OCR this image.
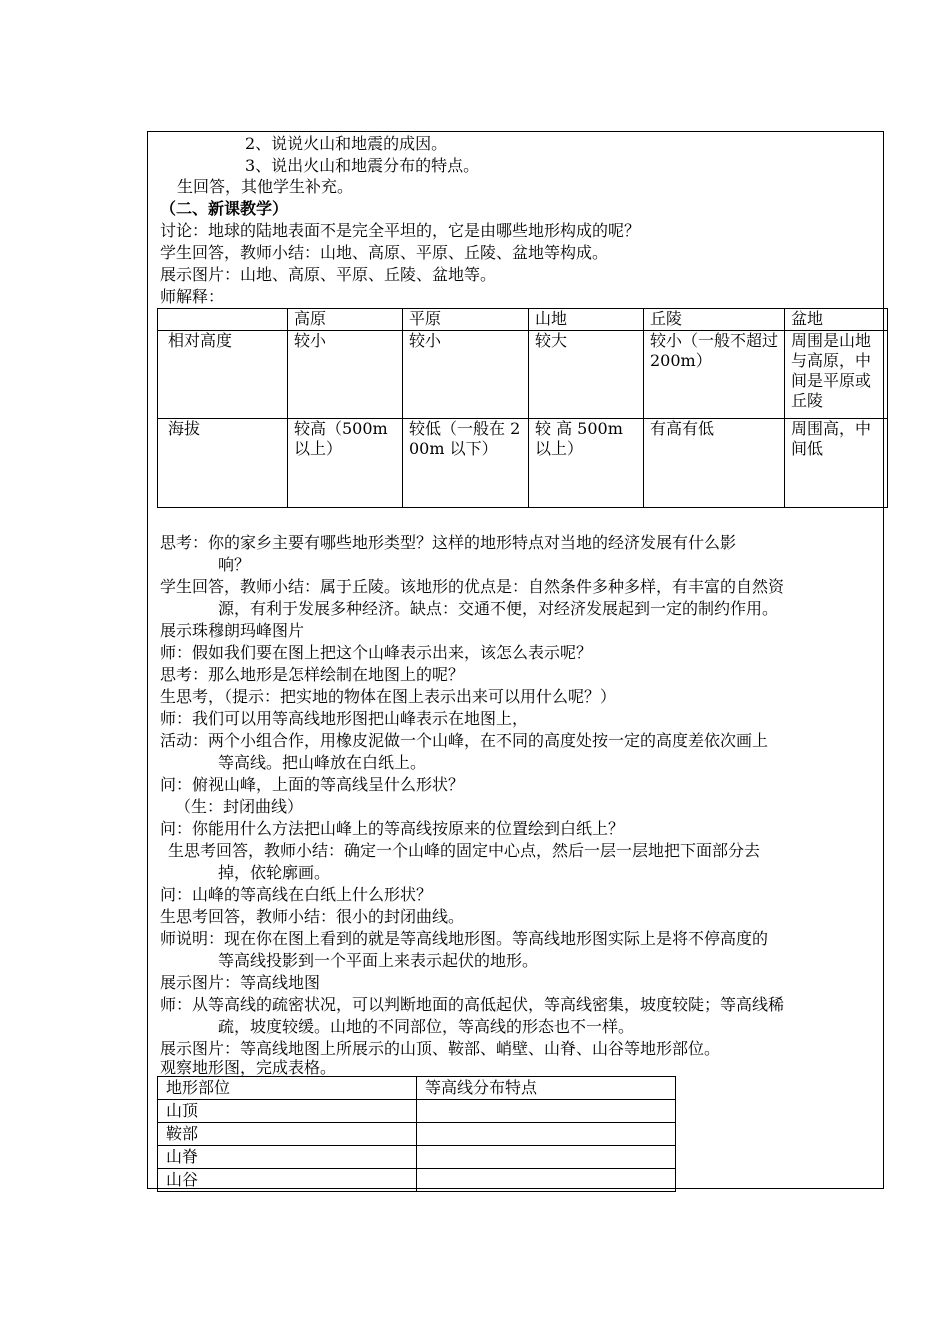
2、说说火山和地震的成因。
3、说出火山和地震分布的特点。
生回答，其他学生补充。
（二、新课教学）
讨论：地球的陆地表面不是完全平坦的，它是由哪些地形构成的呢？
学生回答，教师小结：山地、高原、平原、丘陵、盆地等构成。
展示图片：山地、高原、平原、丘陵、盆地等。
师解释：
	高原	平原	山地	丘陵	盆地
相对高度	较小	较小	较大	较小（一般不超过200m）	周围是山地与高原，中间是平原或丘陵
海拔	较高（500m以上）	较低（一般在 200m 以下）	较 高 500m 以上）	有高有低	周围高，中间低
思考：你的家乡主要有哪些地形类型？这样的地形特点对当地的经济发展有什么影
响？
学生回答，教师小结：属于丘陵。该地形的优点是：自然条件多种多样，有丰富的自然资
源，有利于发展多种经济。缺点：交通不便，对经济发展起到一定的制约作用。
展示珠穆朗玛峰图片
师：假如我们要在图上把这个山峰表示出来，该怎么表示呢？
思考：那么地形是怎样绘制在地图上的呢？
生思考，（提示：把实地的物体在图上表示出来可以用什么呢？）
师：我们可以用等高线地形图把山峰表示在地图上，
活动：两个小组合作，用橡皮泥做一个山峰，在不同的高度处按一定的高度差依次画上
等高线。把山峰放在白纸上。
问：俯视山峰，上面的等高线呈什么形状？
（生：封闭曲线）
问：你能用什么方法把山峰上的等高线按原来的位置绘到白纸上？
生思考回答，教师小结：确定一个山峰的固定中心点，然后一层一层地把下面部分去
掉，依轮廓画。
问：山峰的等高线在白纸上什么形状？
生思考回答，教师小结：很小的封闭曲线。
师说明：现在你在图上看到的就是等高线地形图。等高线地形图实际上是将不停高度的
等高线投影到一个平面上来表示起伏的地形。
展示图片：等高线地图
师：从等高线的疏密状况，可以判断地面的高低起伏，等高线密集，坡度较陡；等高线稀
疏，坡度较缓。山地的不同部位，等高线的形态也不一样。
展示图片：等高线地图上所展示的山顶、鞍部、峭壁、山脊、山谷等地形部位。
观察地形图，完成表格。
地形部位	等高线分布特点
山顶	
鞍部	
山脊	
山谷	
